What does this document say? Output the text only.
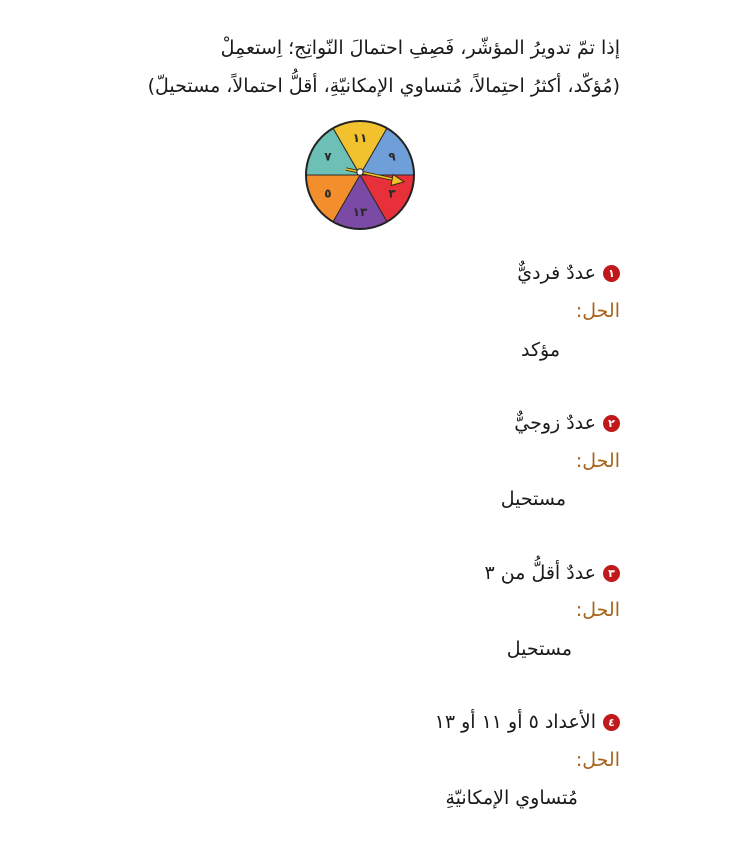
إذا تمّ تدويرُ المؤشّر، فَصِفِ احتمالَ النّواتِج؛ اِستعمِلْ
(مُؤكّد، أكثرُ احتِمالاً، مُتساوي الإمكانيّةِ، أقلُّ احتمالاً، مستحيلّ)
١١
٩
٣
١٣
٥
٧
١
عددٌ فرديٌّ
الحل:
مؤكد
٢
عددٌ زوجيٌّ
الحل:
مستحيل
٣
عددٌ أقلُّ من ٣
الحل:
مستحيل
٤
الأعداد ٥ أو ١١ أو ١٣
الحل:
مُتساوي الإمكانيّةِ
